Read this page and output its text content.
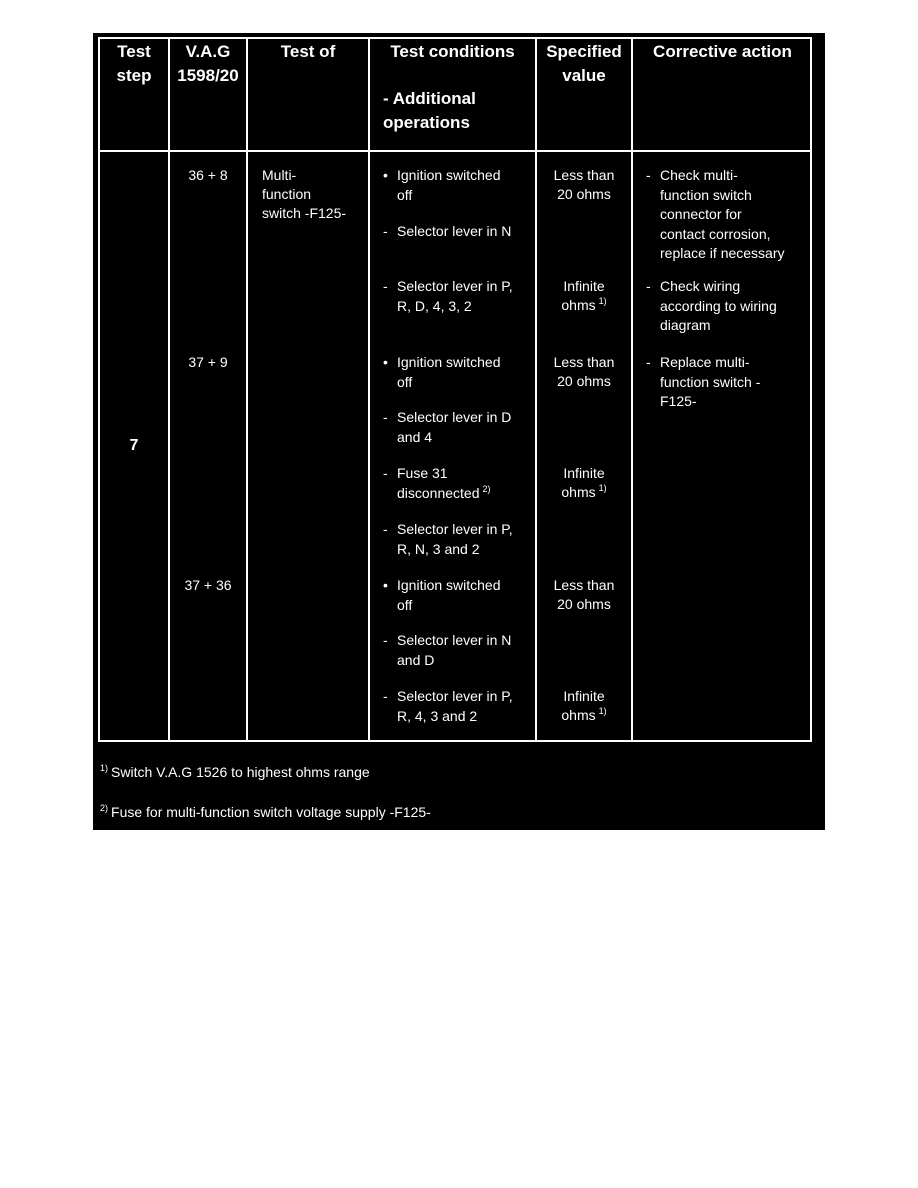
Test
step
V.A.G
1598/20
Test of	Test conditions
- Additional
operations
Specified
value
Corrective action
7
Multi-
function
switch -F125-
36 + 8
37 + 9
37 + 36
• Ignition switched
off
- Selector lever in N
- Selector lever in P,
R, D, 4, 3, 2
• Ignition switched
off
- Selector lever in D
and 4
- Fuse 31
disconnected $^{2)}$
- Selector lever in P,
R, N, 3 and 2
• Ignition switched
off
- Selector lever in N
and D
- Selector lever in P,
R, 4, 3 and 2
Less than
20 ohms
Infinite
ohms $^{1)}$
Less than
20 ohms
Infinite
ohms $^{1)}$
Less than
20 ohms
Infinite
ohms $^{1)}$
- Check multi-
function switch
connector for
contact corrosion,
replace if necessary
- Check wiring
according to wiring
diagram
- Replace multi-
function switch -
F125-
$^{1)}$ Switch V.A.G 1526 to highest ohms range
$^{2)}$ Fuse for multi-function switch voltage supply -F125-
